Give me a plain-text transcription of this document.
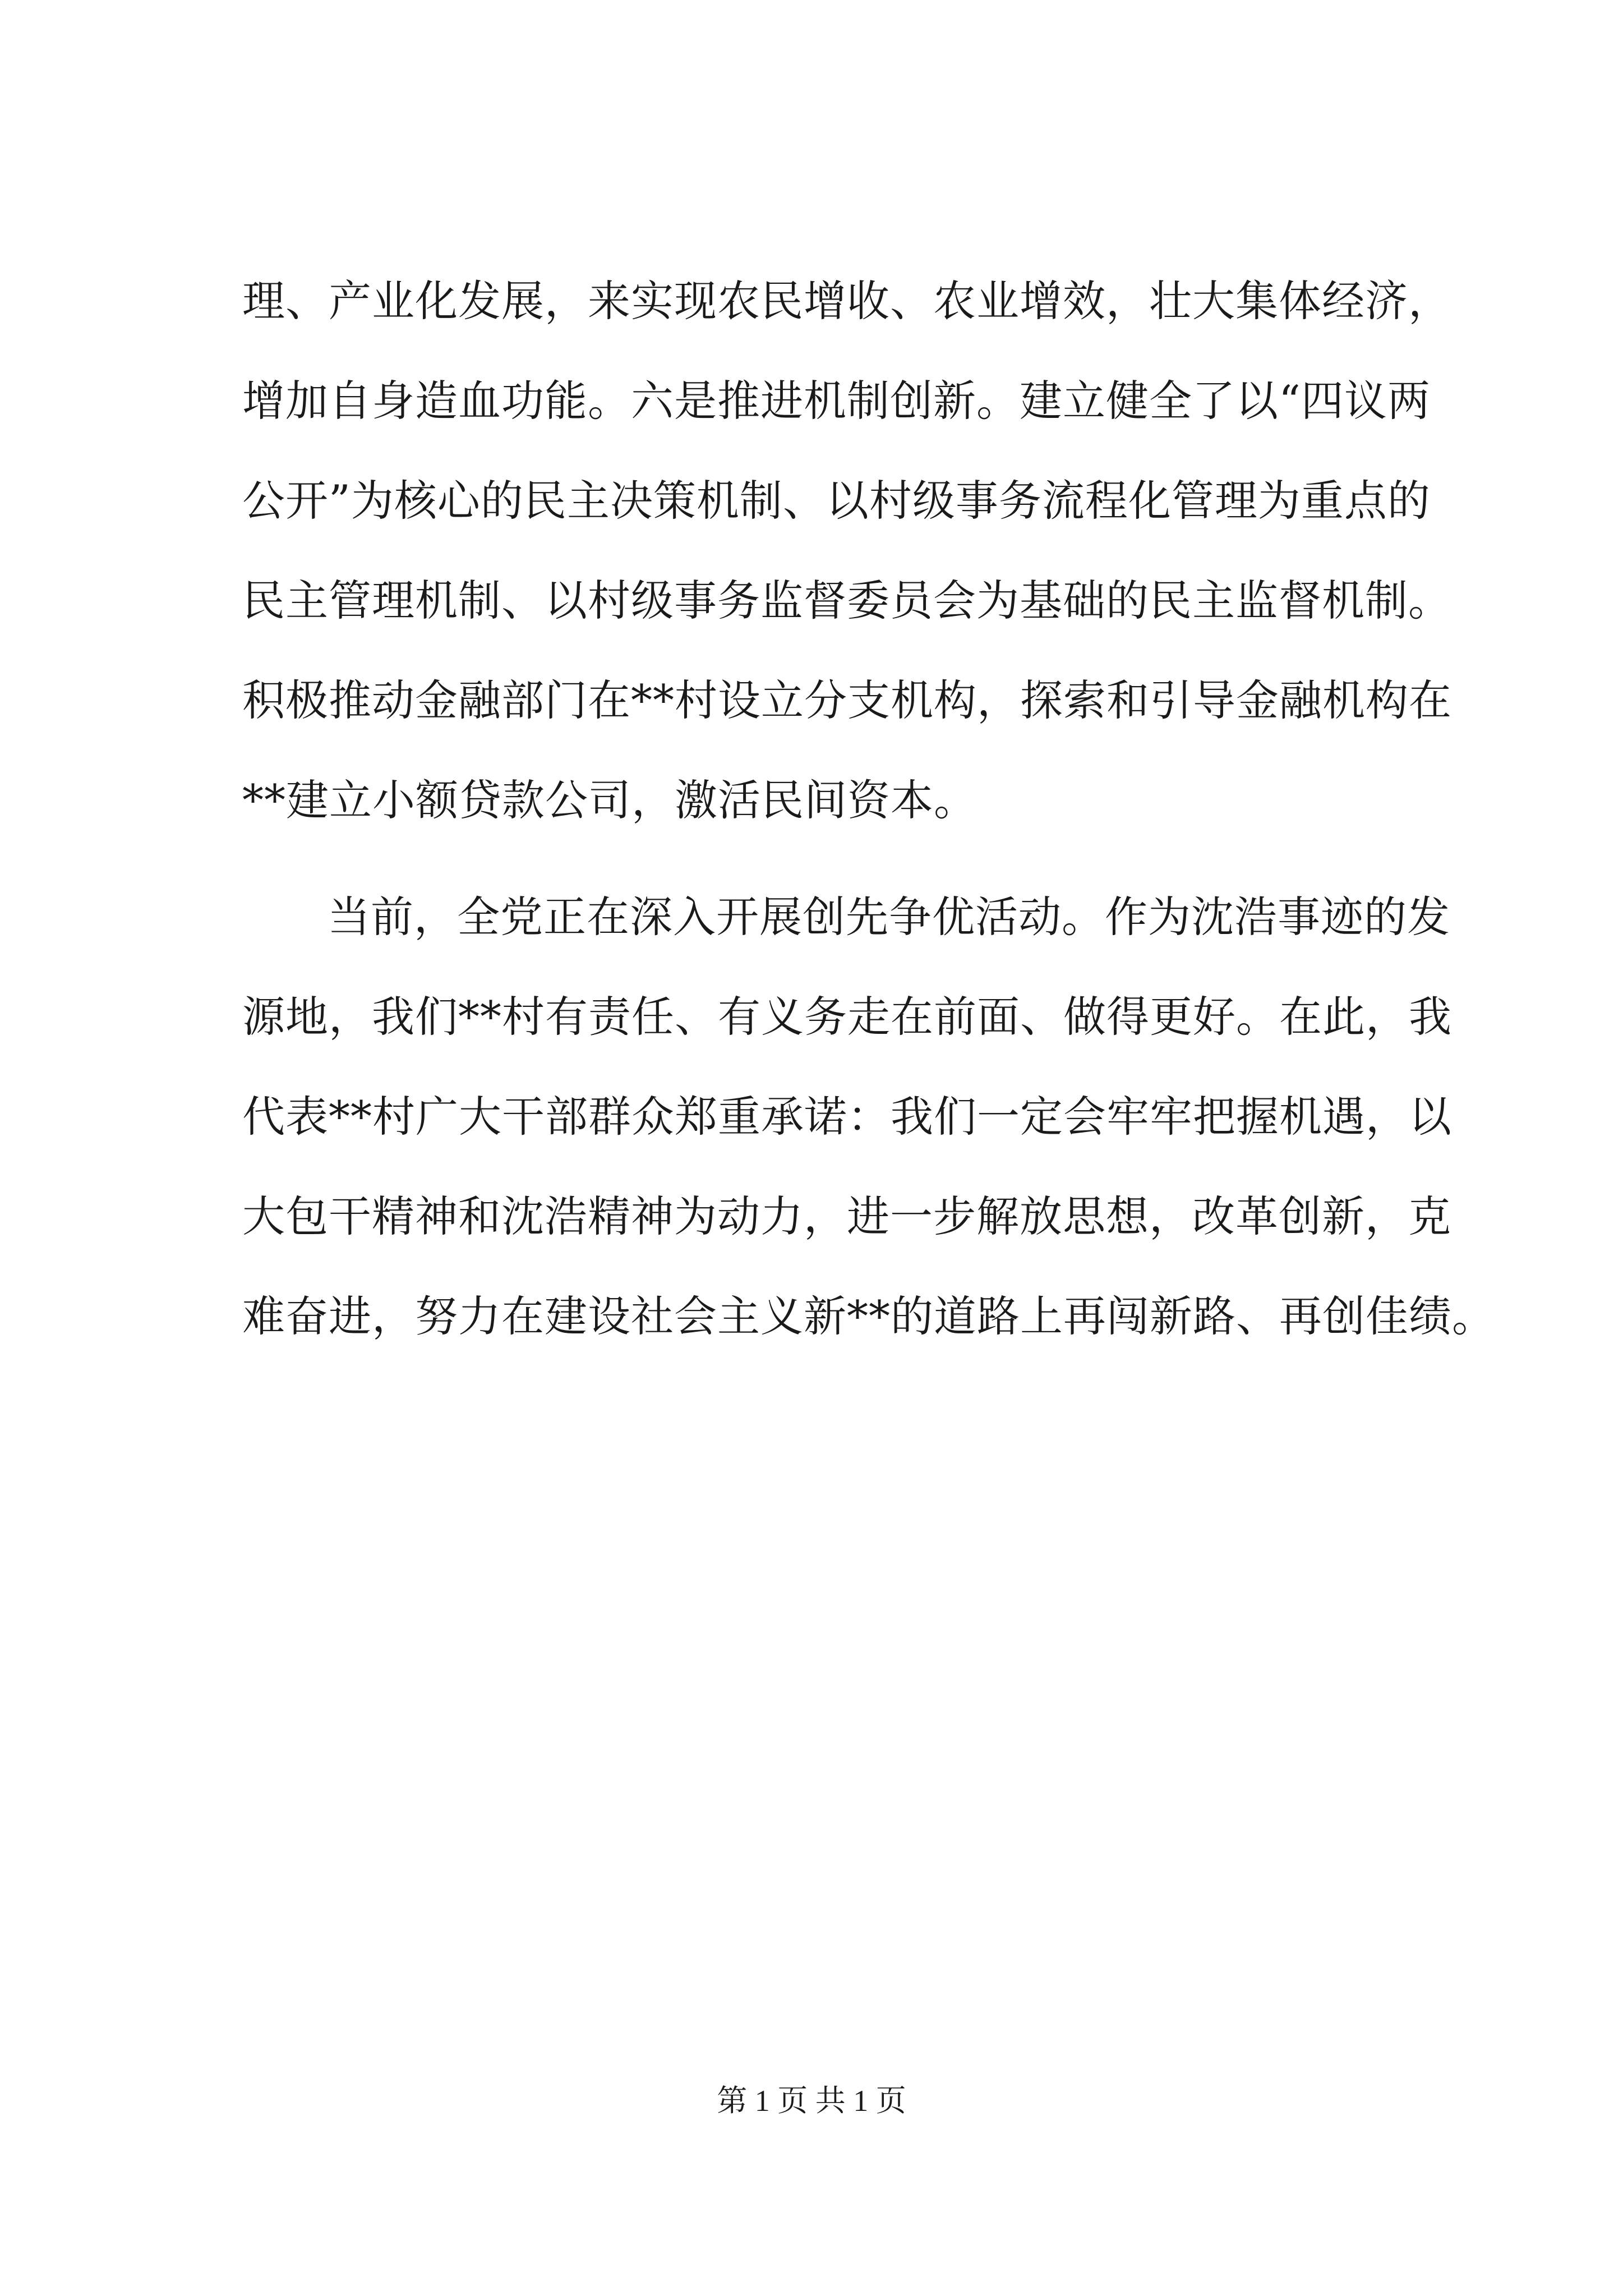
理、产业化发展，来实现农民增收、农业增效，壮大集体经济，
增加自身造血功能。六是推进机制创新。建立健全了以“四议两
公开”为核心的民主决策机制、以村级事务流程化管理为重点的
民主管理机制、以村级事务监督委员会为基础的民主监督机制。
积极推动金融部门在**村设立分支机构，探索和引导金融机构在
**建立小额贷款公司，激活民间资本。
当前，全党正在深入开展创先争优活动。作为沈浩事迹的发
源地，我们**村有责任、有义务走在前面、做得更好。在此，我
代表**村广大干部群众郑重承诺：我们一定会牢牢把握机遇，以
大包干精神和沈浩精神为动力，进一步解放思想，改革创新，克
难奋进，努力在建设社会主义新**的道路上再闯新路、再创佳绩。
第 1 页 共 1 页
